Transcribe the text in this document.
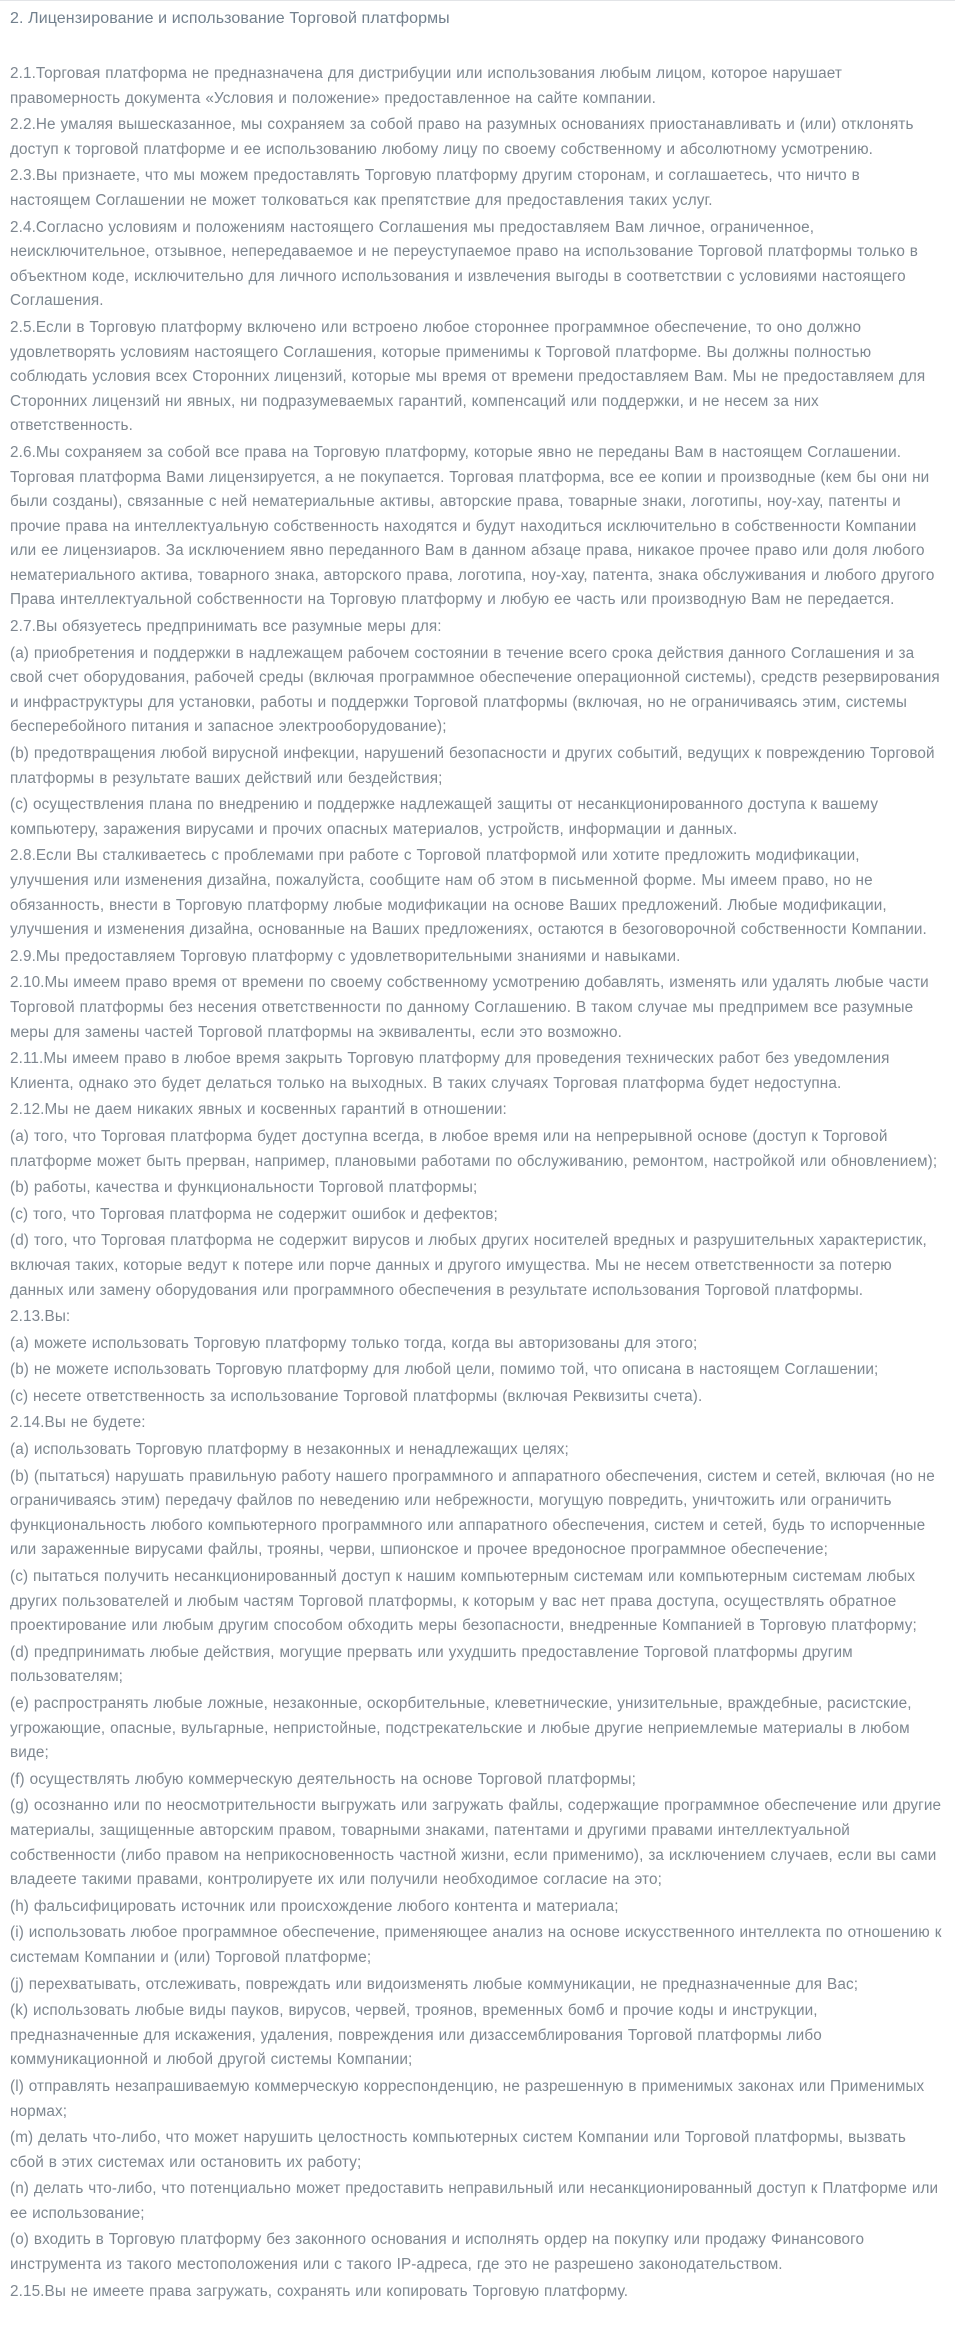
2. Лицензирование и использование Торговой платформы

2.1.Торговая платформа не предназначена для дистрибуции или использования любым лицом, которое нарушает правомерность документа «Условия и положение» предоставленное на сайте компании.

2.2.Не умаляя вышесказанное, мы сохраняем за собой право на разумных основаниях приостанавливать и (или) отклонять доступ к торговой платформе и ее использованию любому лицу по своему собственному и абсолютному усмотрению.

2.3.Вы признаете, что мы можем предоставлять Торговую платформу другим сторонам, и соглашаетесь, что ничто в настоящем Соглашении не может толковаться как препятствие для предоставления таких услуг.

2.4.Согласно условиям и положениям настоящего Соглашения мы предоставляем Вам личное, ограниченное, неисключительное, отзывное, непередаваемое и не переуступаемое право на использование Торговой платформы только в объектном коде, исключительно для личного использования и извлечения выгоды в соответствии с условиями настоящего Соглашения.

2.5.Если в Торговую платформу включено или встроено любое стороннее программное обеспечение, то оно должно удовлетворять условиям настоящего Соглашения, которые применимы к Торговой платформе. Вы должны полностью соблюдать условия всех Сторонних лицензий, которые мы время от времени предоставляем Вам. Мы не предоставляем для Сторонних лицензий ни явных, ни подразумеваемых гарантий, компенсаций или поддержки, и не несем за них ответственность.

2.6.Мы сохраняем за собой все права на Торговую платформу, которые явно не переданы Вам в настоящем Соглашении. Торговая платформа Вами лицензируется, а не покупается. Торговая платформа, все ее копии и производные (кем бы они ни были созданы), связанные с ней нематериальные активы, авторские права, товарные знаки, логотипы, ноу-хау, патенты и прочие права на интеллектуальную собственность находятся и будут находиться исключительно в собственности Компании или ее лицензиаров. За исключением явно переданного Вам в данном абзаце права, никакое прочее право или доля любого нематериального актива, товарного знака, авторского права, логотипа, ноу-хау, патента, знака обслуживания и любого другого Права интеллектуальной собственности на Торговую платформу и любую ее часть или производную Вам не передается.

2.7.Вы обязуетесь предпринимать все разумные меры для:

(a) приобретения и поддержки в надлежащем рабочем состоянии в течение всего срока действия данного Соглашения и за свой счет оборудования, рабочей среды (включая программное обеспечение операционной системы), средств резервирования и инфраструктуры для установки, работы и поддержки Торговой платформы (включая, но не ограничиваясь этим, системы бесперебойного питания и запасное электрооборудование);

(b) предотвращения любой вирусной инфекции, нарушений безопасности и других событий, ведущих к повреждению Торговой платформы в результате ваших действий или бездействия;

(c) осуществления плана по внедрению и поддержке надлежащей защиты от несанкционированного доступа к вашему компьютеру, заражения вирусами и прочих опасных материалов, устройств, информации и данных.

2.8.Если Вы сталкиваетесь с проблемами при работе с Торговой платформой или хотите предложить модификации, улучшения или изменения дизайна, пожалуйста, сообщите нам об этом в письменной форме. Мы имеем право, но не обязанность, внести в Торговую платформу любые модификации на основе Ваших предложений. Любые модификации, улучшения и изменения дизайна, основанные на Ваших предложениях, остаются в безоговорочной собственности Компании.

2.9.Мы предоставляем Торговую платформу с удовлетворительными знаниями и навыками.

2.10.Мы имеем право время от времени по своему собственному усмотрению добавлять, изменять или удалять любые части Торговой платформы без несения ответственности по данному Соглашению. В таком случае мы предпримем все разумные меры для замены частей Торговой платформы на эквиваленты, если это возможно.

2.11.Мы имеем право в любое время закрыть Торговую платформу для проведения технических работ без уведомления Клиента, однако это будет делаться только на выходных. В таких случаях Торговая платформа будет недоступна.

2.12.Мы не даем никаких явных и косвенных гарантий в отношении:

(a) того, что Торговая платформа будет доступна всегда, в любое время или на непрерывной основе (доступ к Торговой платформе может быть прерван, например, плановыми работами по обслуживанию, ремонтом, настройкой или обновлением);

(b) работы, качества и функциональности Торговой платформы;

(c) того, что Торговая платформа не содержит ошибок и дефектов;

(d) того, что Торговая платформа не содержит вирусов и любых других носителей вредных и разрушительных характеристик, включая таких, которые ведут к потере или порче данных и другого имущества. Мы не несем ответственности за потерю данных или замену оборудования или программного обеспечения в результате использования Торговой платформы.

2.13.Вы:

(a) можете использовать Торговую платформу только тогда, когда вы авторизованы для этого;

(b) не можете использовать Торговую платформу для любой цели, помимо той, что описана в настоящем Соглашении;

(c) несете ответственность за использование Торговой платформы (включая Реквизиты счета).

2.14.Вы не будете:

(a) использовать Торговую платформу в незаконных и ненадлежащих целях;

(b) (пытаться) нарушать правильную работу нашего программного и аппаратного обеспечения, систем и сетей, включая (но не ограничиваясь этим) передачу файлов по неведению или небрежности, могущую повредить, уничтожить или ограничить функциональность любого компьютерного программного или аппаратного обеспечения, систем и сетей, будь то испорченные или зараженные вирусами файлы, трояны, черви, шпионское и прочее вредоносное программное обеспечение;

(c) пытаться получить несанкционированный доступ к нашим компьютерным системам или компьютерным системам любых других пользователей и любым частям Торговой платформы, к которым у вас нет права доступа, осуществлять обратное проектирование или любым другим способом обходить меры безопасности, внедренные Компанией в Торговую платформу;

(d) предпринимать любые действия, могущие прервать или ухудшить предоставление Торговой платформы другим пользователям;

(e) распространять любые ложные, незаконные, оскорбительные, клеветнические, унизительные, враждебные, расистские, угрожающие, опасные, вульгарные, непристойные, подстрекательские и любые другие неприемлемые материалы в любом виде;

(f) осуществлять любую коммерческую деятельность на основе Торговой платформы;

(g) осознанно или по неосмотрительности выгружать или загружать файлы, содержащие программное обеспечение или другие материалы, защищенные авторским правом, товарными знаками, патентами и другими правами интеллектуальной собственности (либо правом на неприкосновенность частной жизни, если применимо), за исключением случаев, если вы сами владеете такими правами, контролируете их или получили необходимое согласие на это;

(h) фальсифицировать источник или происхождение любого контента и материала;

(i) использовать любое программное обеспечение, применяющее анализ на основе искусственного интеллекта по отношению к системам Компании и (или) Торговой платформе;

(j) перехватывать, отслеживать, повреждать или видоизменять любые коммуникации, не предназначенные для Вас;

(k) использовать любые виды пауков, вирусов, червей, троянов, временных бомб и прочие коды и инструкции, предназначенные для искажения, удаления, повреждения или дизассемблирования Торговой платформы либо коммуникационной и любой другой системы Компании;

(l) отправлять незапрашиваемую коммерческую корреспонденцию, не разрешенную в применимых законах или Применимых нормах;

(m) делать что-либо, что может нарушить целостность компьютерных систем Компании или Торговой платформы, вызвать сбой в этих системах или остановить их работу;

(n) делать что-либо, что потенциально может предоставить неправильный или несанкционированный доступ к Платформе или ее использование;

(o) входить в Торговую платформу без законного основания и исполнять ордер на покупку или продажу Финансового инструмента из такого местоположения или с такого IP-адреса, где это не разрешено законодательством.

2.15.Вы не имеете права загружать, сохранять или копировать Торговую платформу.
